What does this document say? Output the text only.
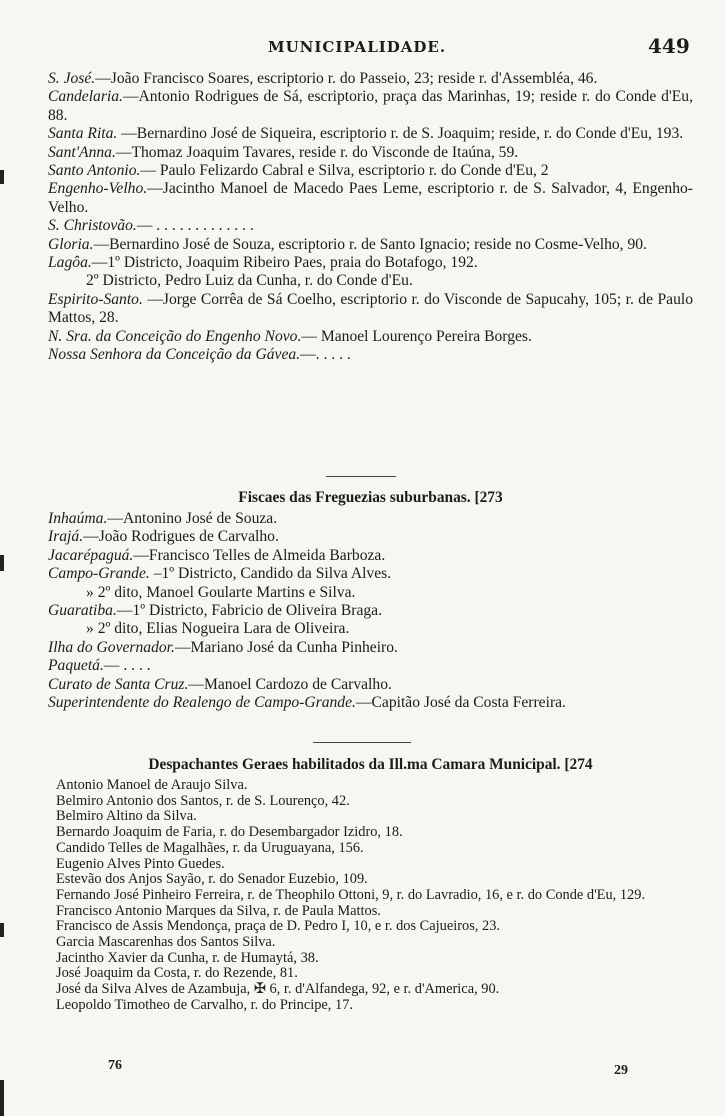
MUNICIPALIDADE.	449

S. José.—João Francisco Soares, escriptorio r. do Passeio, 23; reside r. d'Assembléa, 46.

Candelaria.—Antonio Rodrigues de Sá, escriptorio, praça das Marinhas, 19; reside r. do Conde d'Eu, 88.

Santa Rita. —Bernardino José de Siqueira, escriptorio r. de S. Joaquim; reside, r. do Conde d'Eu, 193.

Sant'Anna.—Thomaz Joaquim Tavares, reside r. do Visconde de Itaúna, 59.

Santo Antonio.— Paulo Felizardo Cabral e Silva, escriptorio r. do Conde d'Eu, 2

Engenho-Velho.—Jacintho Manoel de Macedo Paes Leme, escriptorio r. de S. Salvador, 4, Engenho-Velho.

S. Christovão.— . . . . . . . . . . . . .

Gloria.—Bernardino José de Souza, escriptorio r. de Santo Ignacio; reside no Cosme-Velho, 90.

Lagôa.—1º Districto, Joaquim Ribeiro Paes, praia do Botafogo, 192.

2º Districto, Pedro Luiz da Cunha, r. do Conde d'Eu.

Espirito-Santo. —Jorge Corrêa de Sá Coelho, escriptorio r. do Visconde de Sapucahy, 105; r. de Paulo Mattos, 28.

N. Sra. da Conceição do Engenho Novo.— Manoel Lourenço Pereira Borges.

Nossa Senhora da Conceição da Gávea.—. . . . .

Fiscaes das Freguezias suburbanas. [273

Inhaúma.—Antonino José de Souza.

Irajá.—João Rodrigues de Carvalho.

Jacarépaguá.—Francisco Telles de Almeida Barboza.

Campo-Grande. –1º Districto, Candido da Silva Alves.

» 2º dito, Manoel Goularte Martins e Silva.

Guaratiba.—1º Districto, Fabricio de Oliveira Braga.

» 2º dito, Elias Nogueira Lara de Oliveira.

Ilha do Governador.—Mariano José da Cunha Pinheiro.

Paquetá.— . . . .

Curato de Santa Cruz.—Manoel Cardozo de Carvalho.

Superintendente do Realengo de Campo-Grande.—Capitão José da Costa Ferreira.

Despachantes Geraes habilitados da Ill.ma Camara Municipal. [274

Antonio Manoel de Araujo Silva.

Belmiro Antonio dos Santos, r. de S. Lourenço, 42.

Belmiro Altino da Silva.

Bernardo Joaquim de Faria, r. do Desembargador Izidro, 18.

Candido Telles de Magalhães, r. da Uruguayana, 156.

Eugenio Alves Pinto Guedes.

Estevão dos Anjos Sayão, r. do Senador Euzebio, 109.

Fernando José Pinheiro Ferreira, r. de Theophilo Ottoni, 9, r. do Lavradio, 16, e r. do Conde d'Eu, 129.

Francisco Antonio Marques da Silva, r. de Paula Mattos.

Francisco de Assis Mendonça, praça de D. Pedro I, 10, e r. dos Cajueiros, 23.

Garcia Mascarenhas dos Santos Silva.

Jacintho Xavier da Cunha, r. de Humaytá, 38.

José Joaquim da Costa, r. do Rezende, 81.

José da Silva Alves de Azambuja, ✠ 6, r. d'Alfandega, 92, e r. d'America, 90.

Leopoldo Timotheo de Carvalho, r. do Principe, 17.

76	29
